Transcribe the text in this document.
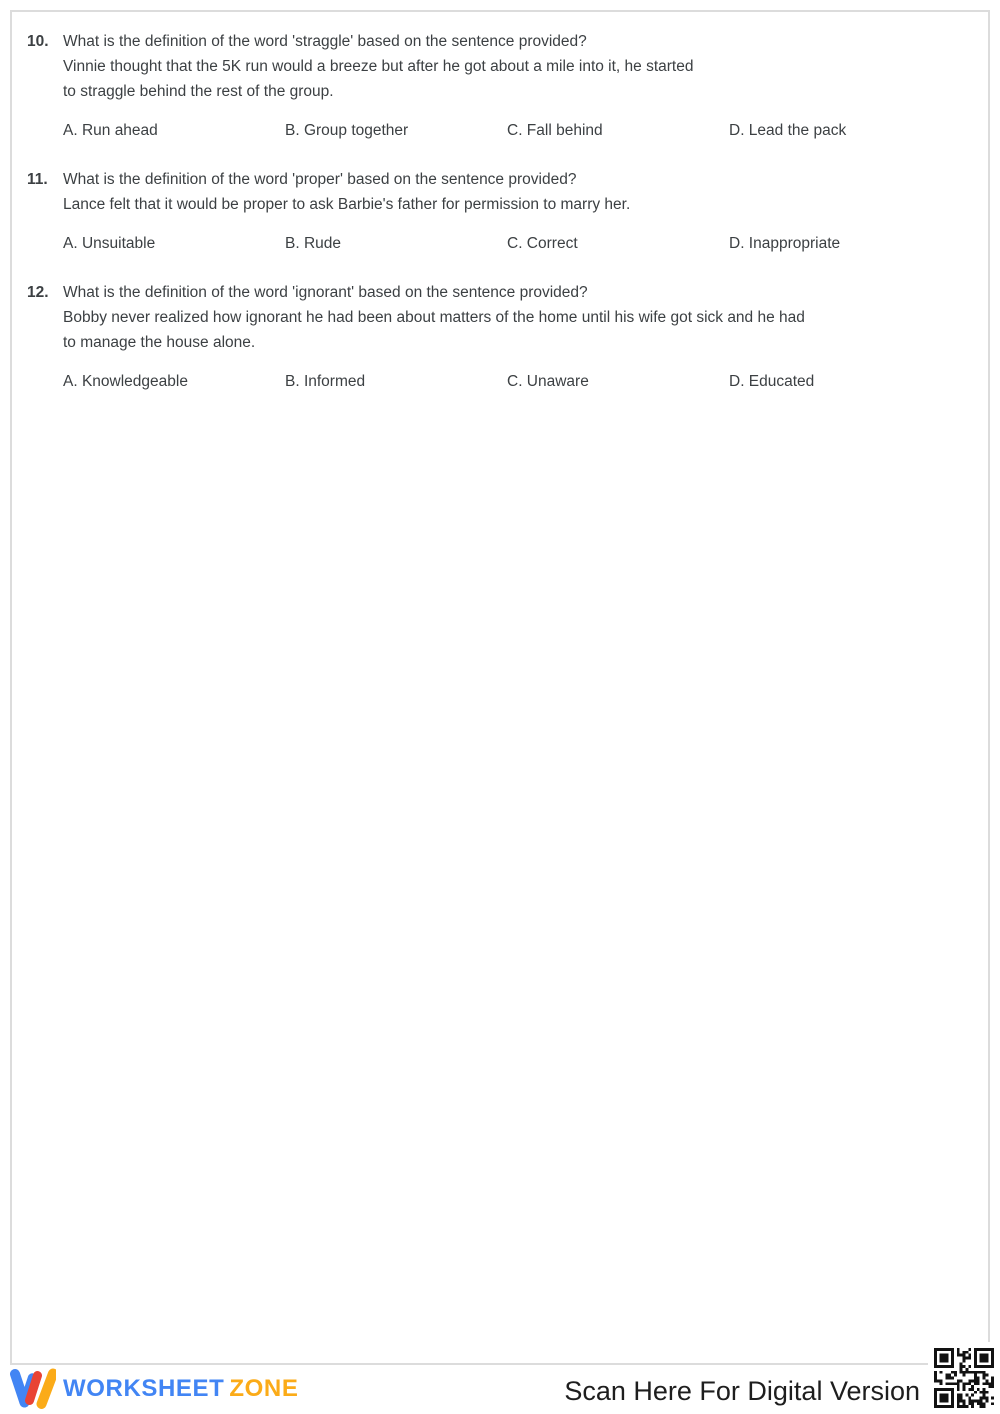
10. What is the definition of the word 'straggle' based on the sentence provided?
Vinnie thought that the 5K run would a breeze but after he got about a mile into it, he started
to straggle behind the rest of the group.
A. Run ahead	B. Group together	C. Fall behind	D. Lead the pack
11. What is the definition of the word 'proper' based on the sentence provided?
Lance felt that it would be proper to ask Barbie's father for permission to marry her.
A. Unsuitable	B. Rude	C. Correct	D. Inappropriate
12. What is the definition of the word 'ignorant' based on the sentence provided?
Bobby never realized how ignorant he had been about matters of the home until his wife got sick and he had
to manage the house alone.
A. Knowledgeable	B. Informed	C. Unaware	D. Educated
WORKSHEET ZONE	Scan Here For Digital Version
